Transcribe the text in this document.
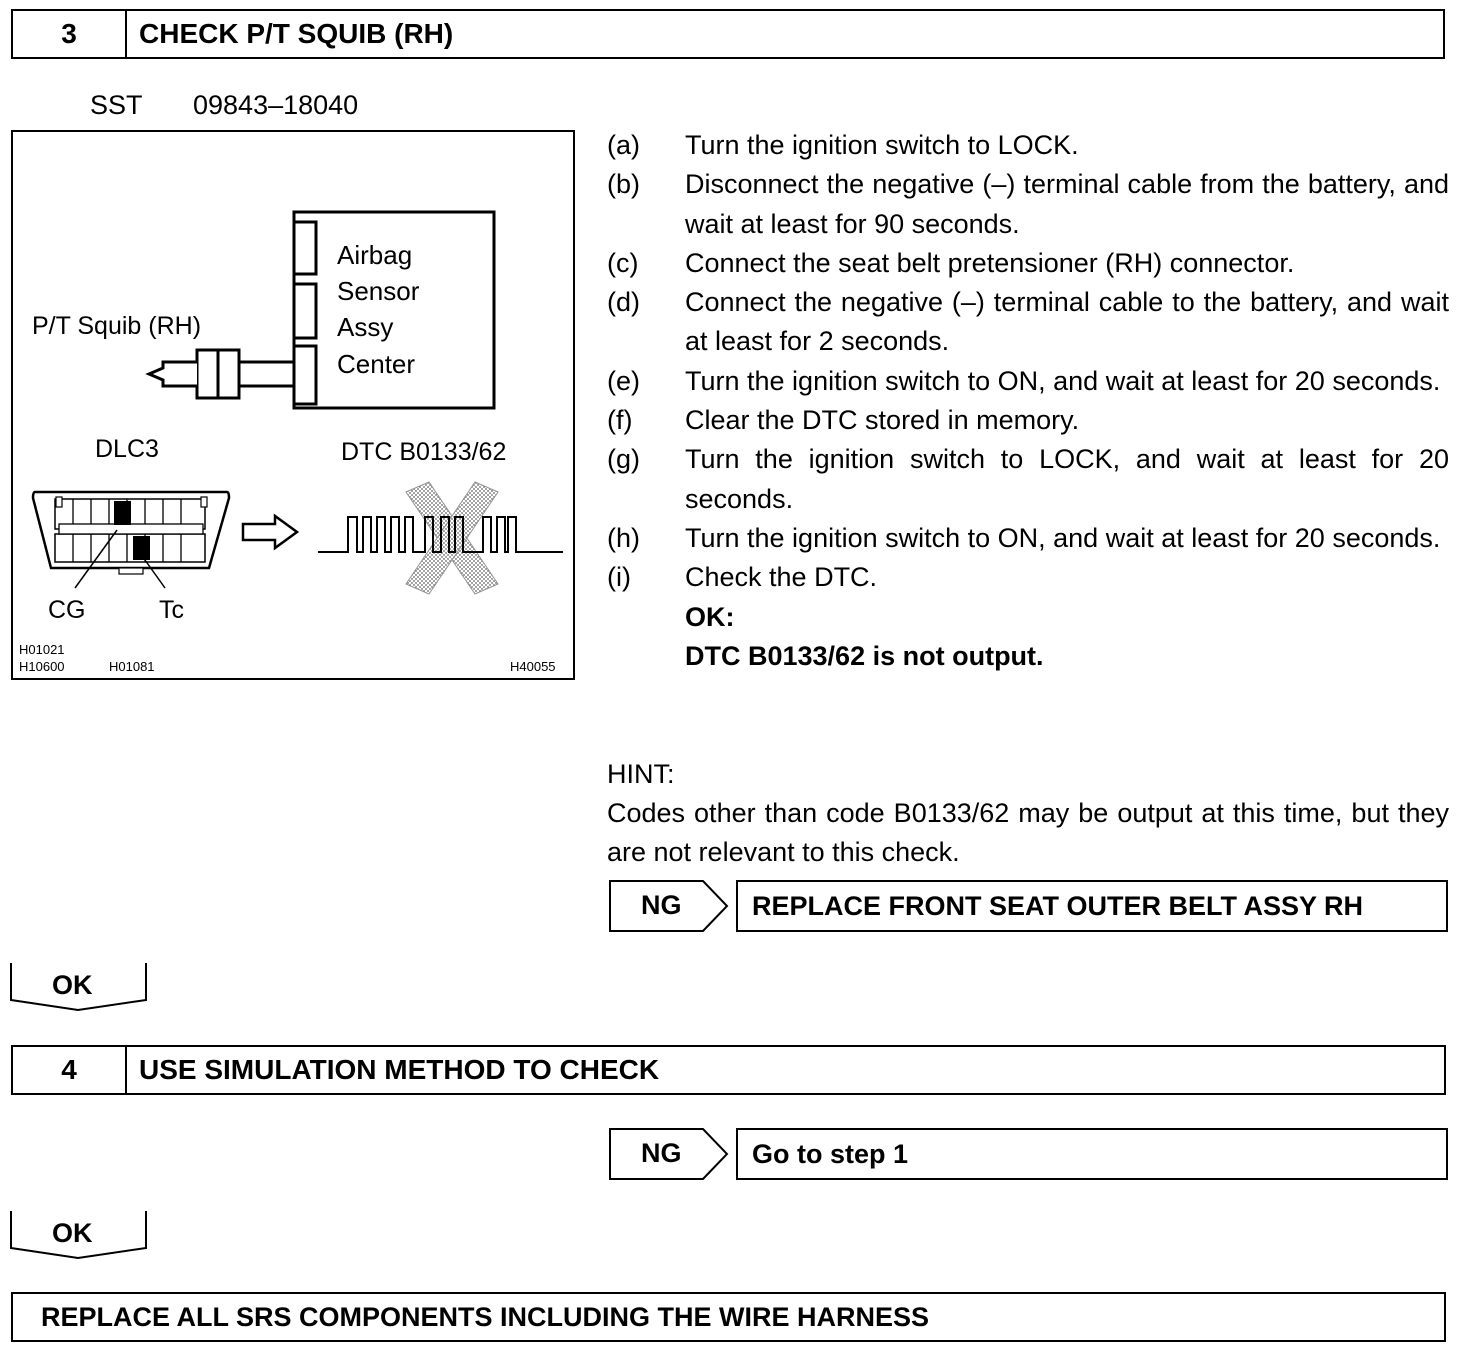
3	CHECK P/T SQUIB (RH)
SST 09843–18040
Airbag
Sensor
Assy
Center
P/T Squib (RH)
DLC3	DTC B0133/62
CG	Tc
H01021
H10600	H01081	H40055
(a) Turn the ignition switch to LOCK.
(b) Disconnect the negative (–) terminal cable from the battery, and wait at least for 90 seconds.
(c) Connect the seat belt pretensioner (RH) connector.
(d) Connect the negative (–) terminal cable to the battery, and wait at least for 2 seconds.
(e) Turn the ignition switch to ON, and wait at least for 20 seconds.
(f) Clear the DTC stored in memory.
(g) Turn the ignition switch to LOCK, and wait at least for 20 seconds.
(h) Turn the ignition switch to ON, and wait at least for 20 seconds.
(i) Check the DTC.
OK:
DTC B0133/62 is not output.
HINT:
Codes other than code B0133/62 may be output at this time, but they are not relevant to this check.
NG	REPLACE FRONT SEAT OUTER BELT ASSY RH
OK
4	USE SIMULATION METHOD TO CHECK
NG	Go to step 1
OK
REPLACE ALL SRS COMPONENTS INCLUDING THE WIRE HARNESS
